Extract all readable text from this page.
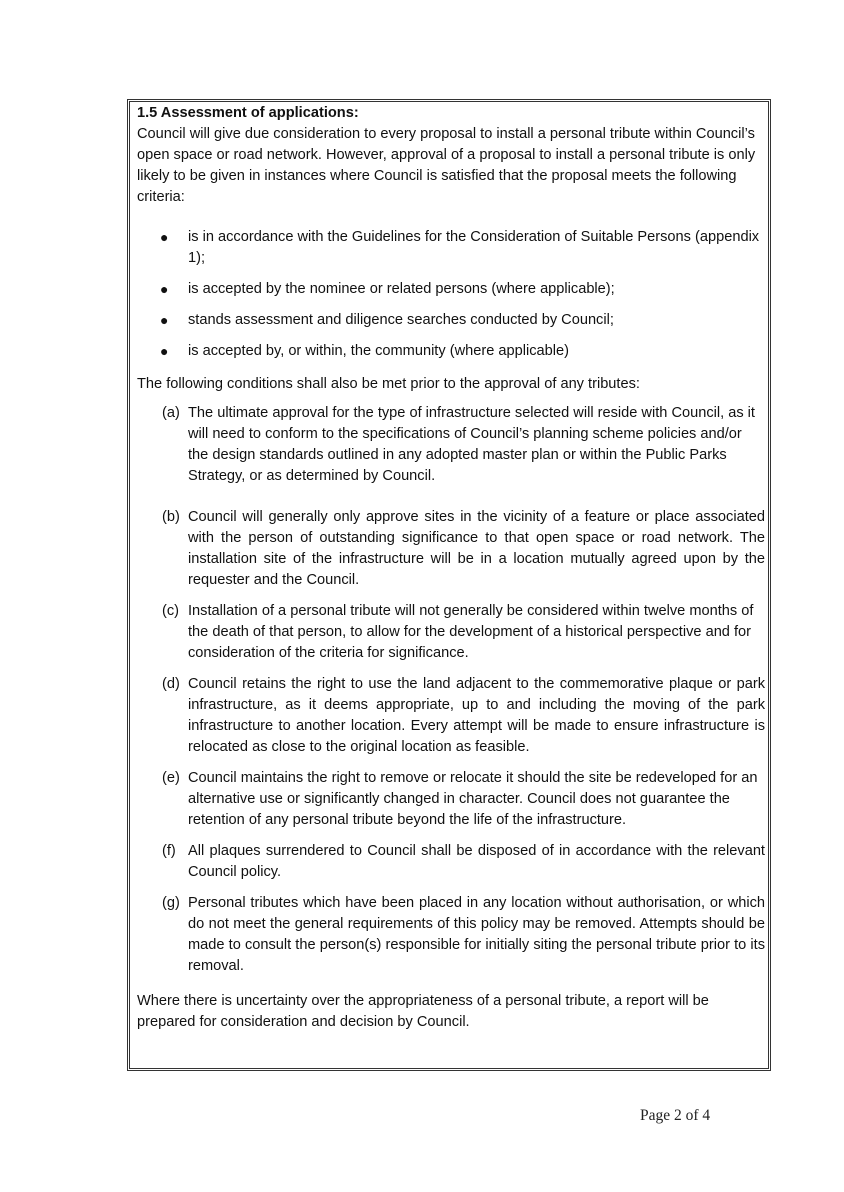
1.5 Assessment of applications:

Council will give due consideration to every proposal to install a personal tribute within Council’s open space or road network. However, approval of a proposal to install a personal tribute is only likely to be given in instances where Council is satisfied that the proposal meets the following criteria:

● is in accordance with the Guidelines for the Consideration of Suitable Persons (appendix 1);
● is accepted by the nominee or related persons (where applicable);
● stands assessment and diligence searches conducted by Council;
● is accepted by, or within, the community (where applicable)

The following conditions shall also be met prior to the approval of any tributes:

(a) The ultimate approval for the type of infrastructure selected will reside with Council, as it will need to conform to the specifications of Council’s planning scheme policies and/or the design standards outlined in any adopted master plan or within the Public Parks Strategy, or as determined by Council.
(b) Council will generally only approve sites in the vicinity of a feature or place associated with the person of outstanding significance to that open space or road network. The installation site of the infrastructure will be in a location mutually agreed upon by the requester and the Council.
(c) Installation of a personal tribute will not generally be considered within twelve months of the death of that person, to allow for the development of a historical perspective and for consideration of the criteria for significance.
(d) Council retains the right to use the land adjacent to the commemorative plaque or park infrastructure, as it deems appropriate, up to and including the moving of the park infrastructure to another location. Every attempt will be made to ensure infrastructure is relocated as close to the original location as feasible.
(e) Council maintains the right to remove or relocate it should the site be redeveloped for an alternative use or significantly changed in character. Council does not guarantee the retention of any personal tribute beyond the life of the infrastructure.
(f) All plaques surrendered to Council shall be disposed of in accordance with the relevant Council policy.
(g) Personal tributes which have been placed in any location without authorisation, or which do not meet the general requirements of this policy may be removed. Attempts should be made to consult the person(s) responsible for initially siting the personal tribute prior to its removal.

Where there is uncertainty over the appropriateness of a personal tribute, a report will be prepared for consideration and decision by Council.

Page 2 of 4
